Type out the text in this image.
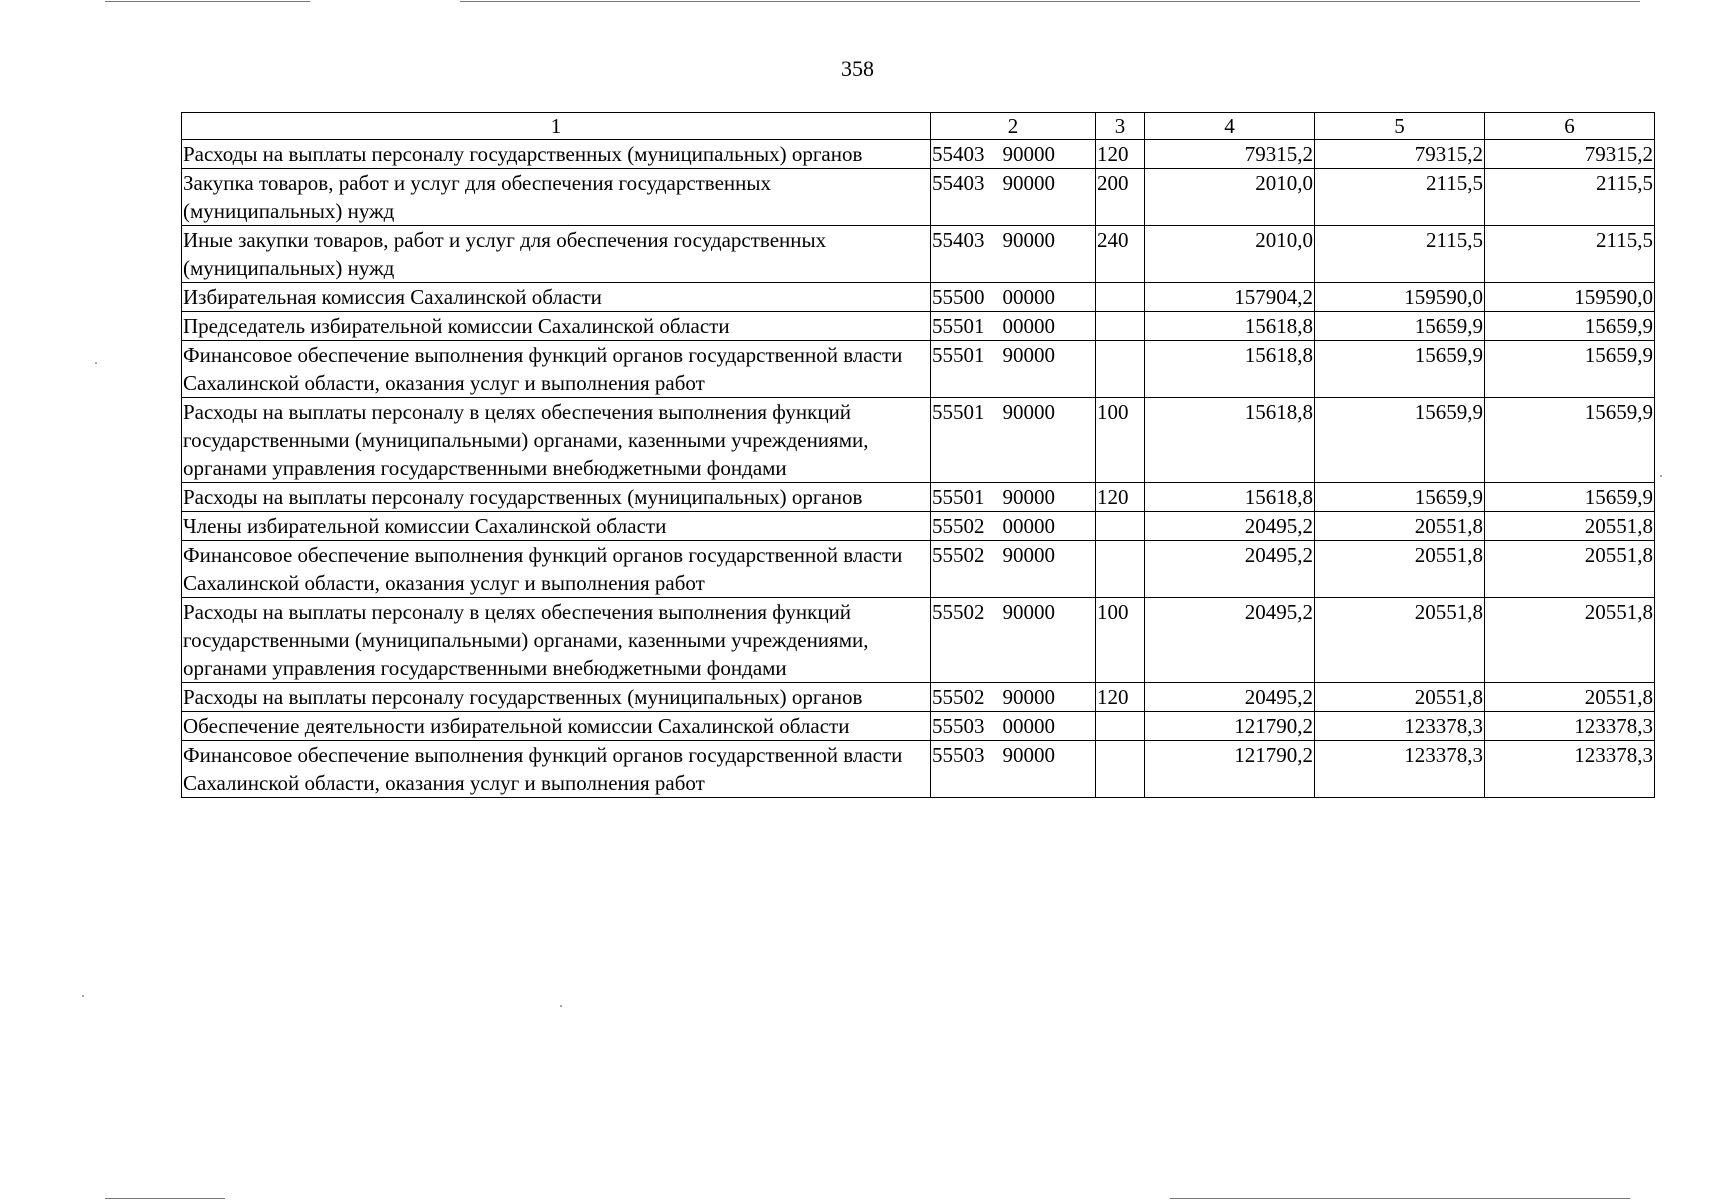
358
1	2	3	4	5	6
Расходы на выплаты персоналу государственных (муниципальных) органов	55403 90000	120	79315,2	79315,2	79315,2
Закупка товаров, работ и услуг для обеспечения государственных (муниципальных) нужд	55403 90000	200	2010,0	2115,5	2115,5
Иные закупки товаров, работ и услуг для обеспечения государственных (муниципальных) нужд	55403 90000	240	2010,0	2115,5	2115,5
Избирательная комиссия Сахалинской области	55500 00000		157904,2	159590,0	159590,0
Председатель избирательной комиссии Сахалинской области	55501 00000		15618,8	15659,9	15659,9
Финансовое обеспечение выполнения функций органов государственной власти Сахалинской области, оказания услуг и выполнения работ	55501 90000		15618,8	15659,9	15659,9
Расходы на выплаты персоналу в целях обеспечения выполнения функций государственными (муниципальными) органами, казенными учреждениями, органами управления государственными внебюджетными фондами	55501 90000	100	15618,8	15659,9	15659,9
Расходы на выплаты персоналу государственных (муниципальных) органов	55501 90000	120	15618,8	15659,9	15659,9
Члены избирательной комиссии Сахалинской области	55502 00000		20495,2	20551,8	20551,8
Финансовое обеспечение выполнения функций органов государственной власти Сахалинской области, оказания услуг и выполнения работ	55502 90000		20495,2	20551,8	20551,8
Расходы на выплаты персоналу в целях обеспечения выполнения функций государственными (муниципальными) органами, казенными учреждениями, органами управления государственными внебюджетными фондами	55502 90000	100	20495,2	20551,8	20551,8
Расходы на выплаты персоналу государственных (муниципальных) органов	55502 90000	120	20495,2	20551,8	20551,8
Обеспечение деятельности избирательной комиссии Сахалинской области	55503 00000		121790,2	123378,3	123378,3
Финансовое обеспечение выполнения функций органов государственной власти Сахалинской области, оказания услуг и выполнения работ	55503 90000		121790,2	123378,3	123378,3
